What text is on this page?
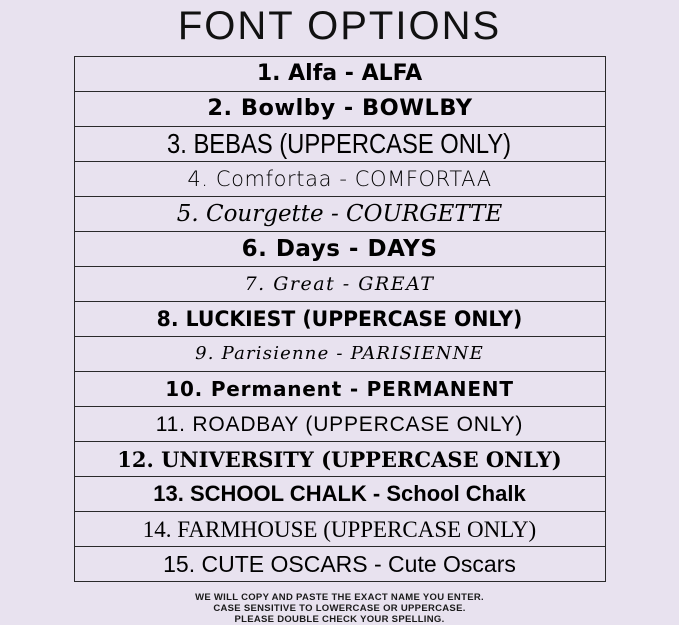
FONT OPTIONS
1. Alfa - ALFA
2. Bowlby - BOWLBY
3. BEBAS (UPPERCASE ONLY)
4. Comfortaa - COMFORTAA
5. Courgette - COURGETTE
6. Days - DAYS
7. Great - GREAT
8. LUCKIEST (UPPERCASE ONLY)
9. Parisienne - PARISIENNE
10. Permanent - PERMANENT
11. ROADBAY (UPPERCASE ONLY)
12. UNIVERSITY (UPPERCASE ONLY)
13. SCHOOL CHALK - School Chalk
14. FARMHOUSE (UPPERCASE ONLY)
15. CUTE OSCARS - Cute Oscars
WE WILL COPY AND PASTE THE EXACT NAME YOU ENTER.
CASE SENSITIVE TO LOWERCASE OR UPPERCASE.
PLEASE DOUBLE CHECK YOUR SPELLING.
